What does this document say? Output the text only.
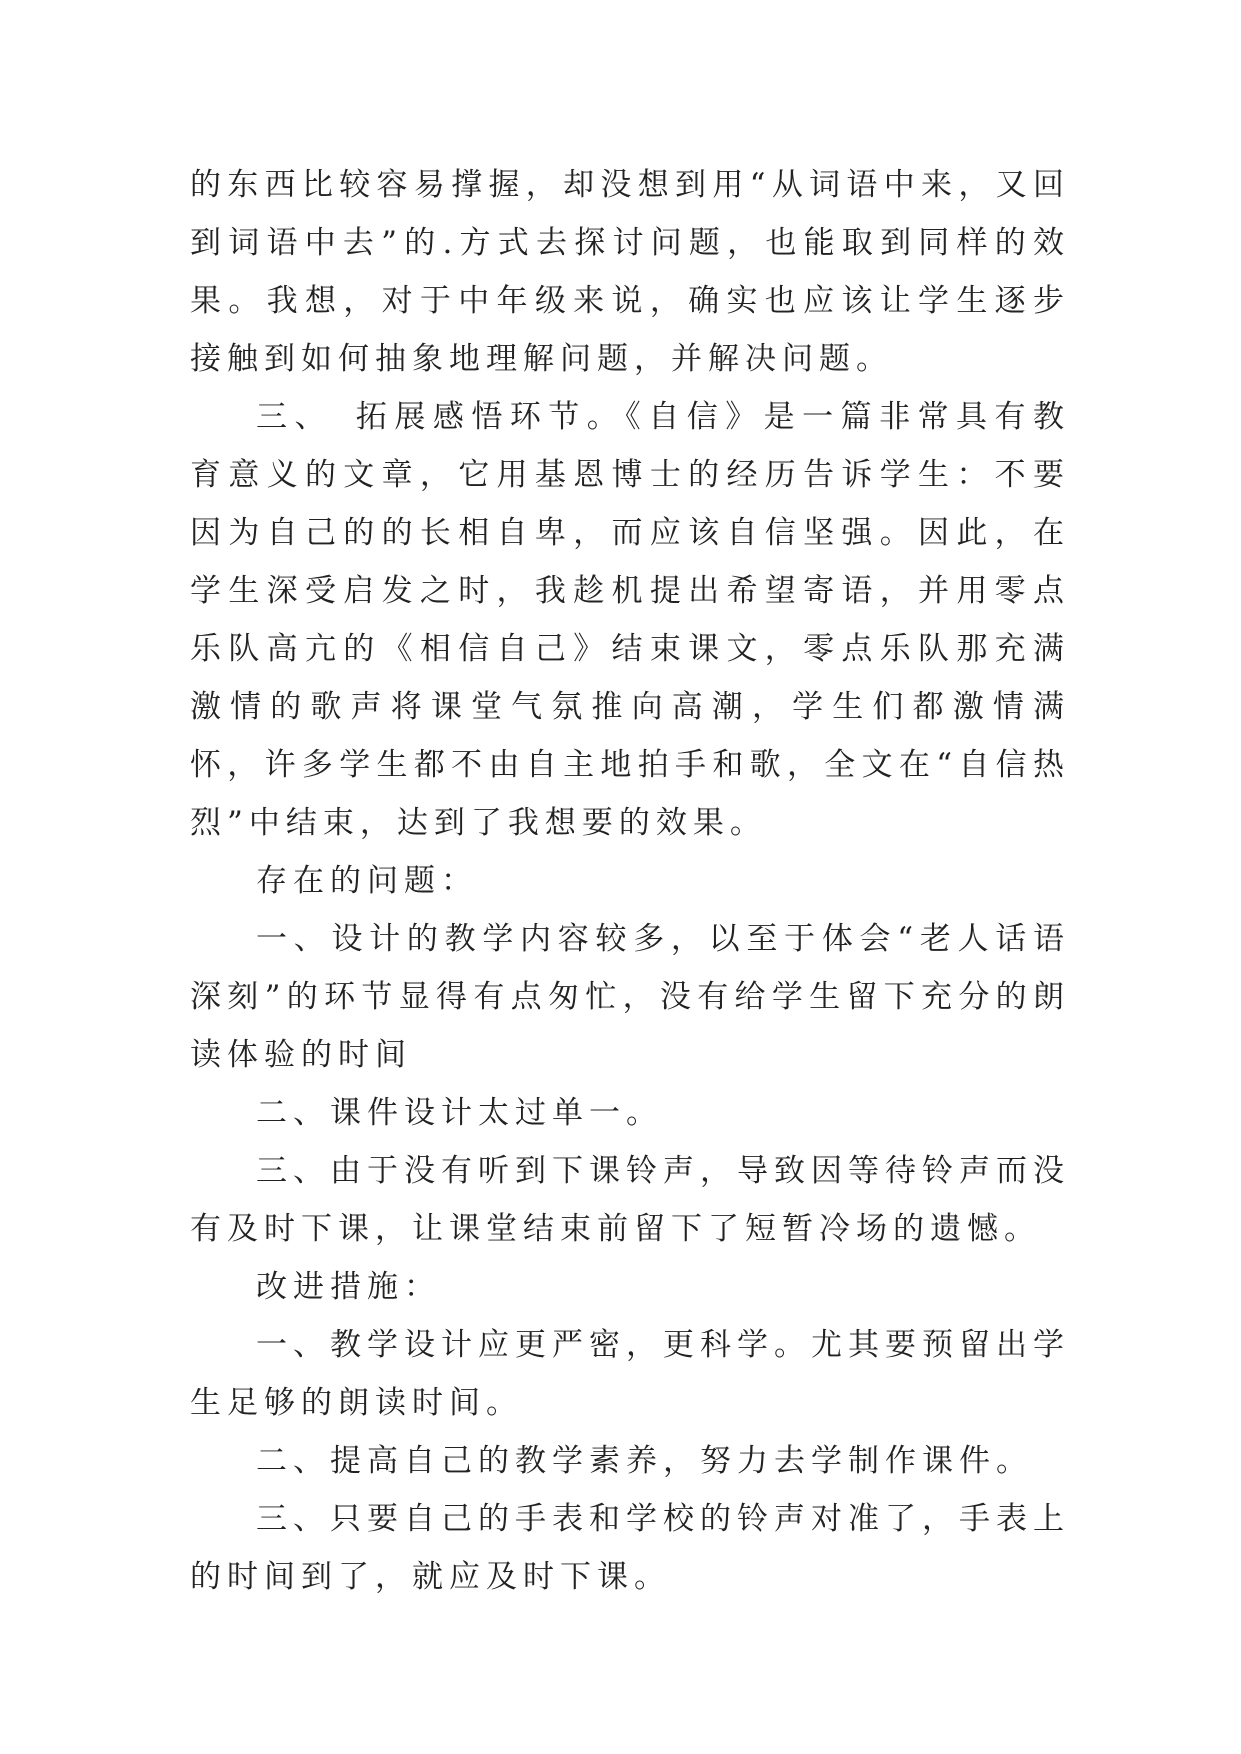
的东西比较容易撑握，却没想到用“从词语中来，又回到词语中去”的.方式去探讨问题，也能取到同样的效果。我想，对于中年级来说，确实也应该让学生逐步接触到如何抽象地理解问题，并解决问题。

三、　拓展感悟环节。《自信》是一篇非常具有教育意义的文章，它用基恩博士的经历告诉学生：不要因为自己的的长相自卑，而应该自信坚强。因此，在学生深受启发之时，我趁机提出希望寄语，并用零点乐队高亢的《相信自己》结束课文，零点乐队那充满激情的歌声将课堂气氛推向高潮，学生们都激情满怀，许多学生都不由自主地拍手和歌，全文在“自信热烈”中结束，达到了我想要的效果。

存在的问题：

一、设计的教学内容较多，以至于体会“老人话语深刻”的环节显得有点匆忙，没有给学生留下充分的朗读体验的时间

二、课件设计太过单一。

三、由于没有听到下课铃声，导致因等待铃声而没有及时下课，让课堂结束前留下了短暂冷场的遗憾。

改进措施：

一、教学设计应更严密，更科学。尤其要预留出学生足够的朗读时间。

二、提高自己的教学素养，努力去学制作课件。

三、只要自己的手表和学校的铃声对准了，手表上的时间到了，就应及时下课。
